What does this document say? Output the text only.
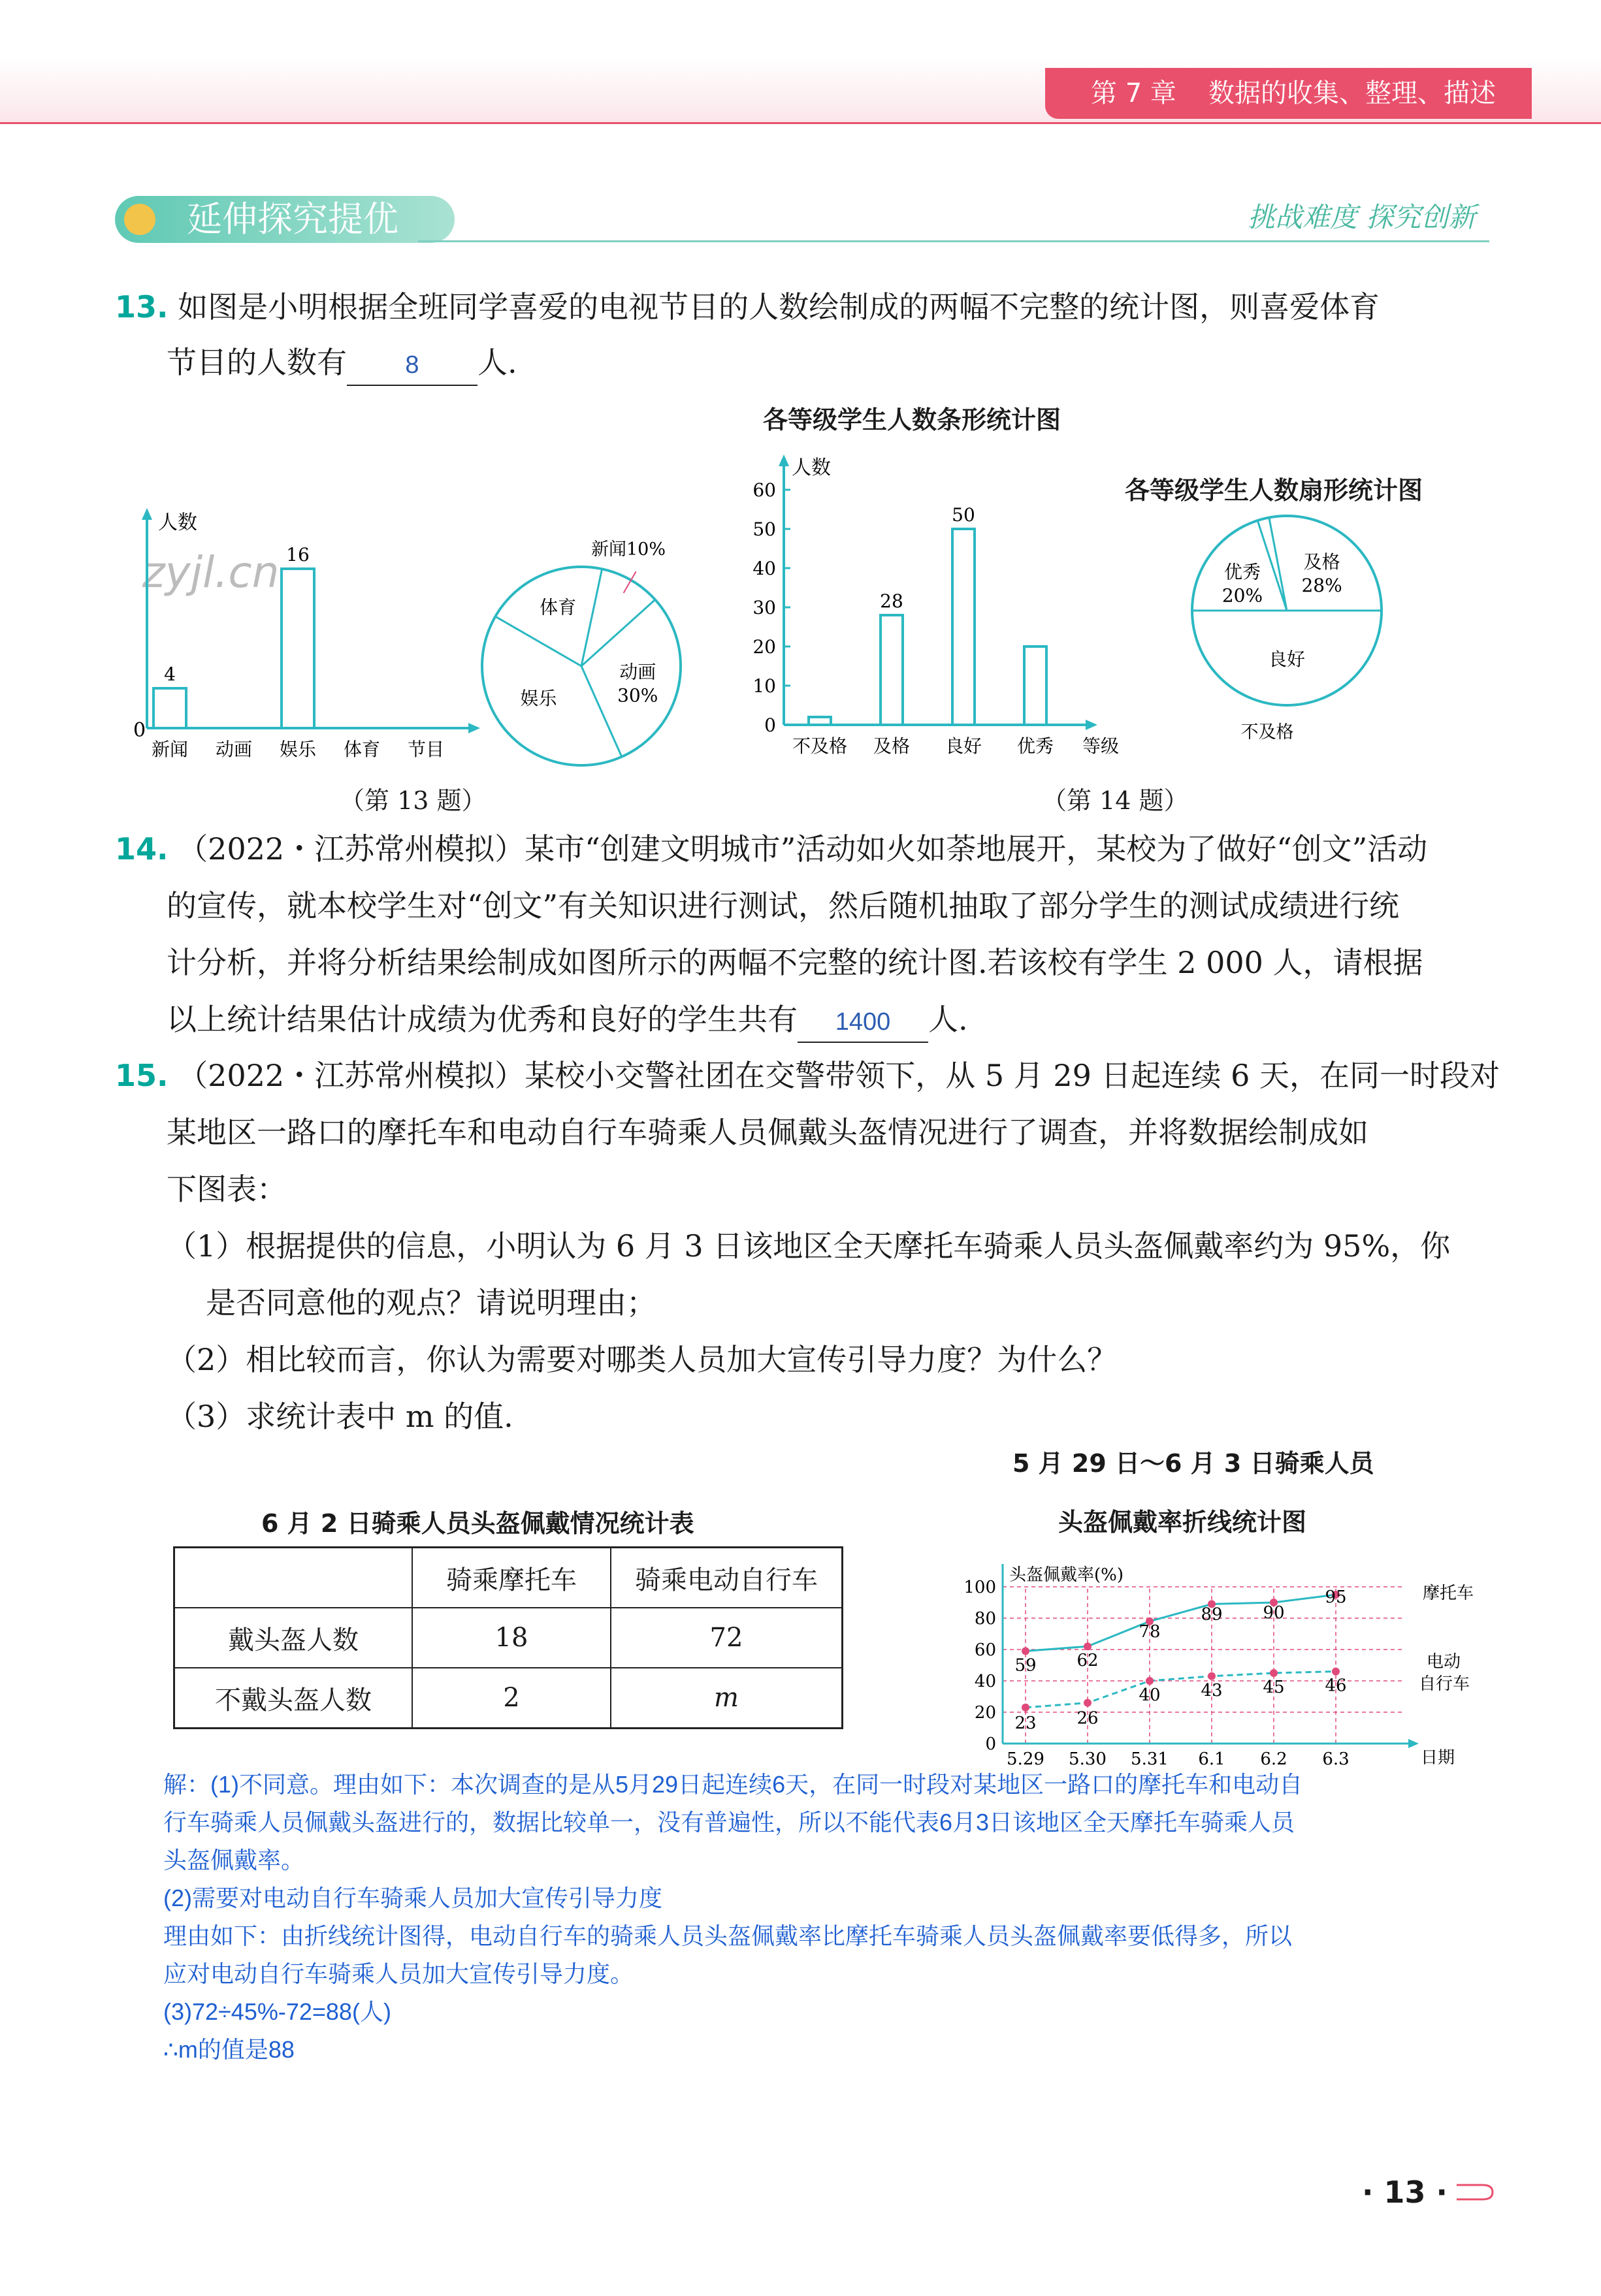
第 7 章 数据的收集、整理、描述
延伸探究提优	挑战难度 探究创新
13. 如图是小明根据全班同学喜爱的电视节目的人数绘制成的两幅不完整的统计图，则喜爱体育
节目的人数有 8 人.
zyjl.cn
人数
0
新闻
4
动画 娱乐
16
体育 节目
新闻10%
动画
30%
娱乐
体育
（第 13 题）
各等级学生人数条形统计图
人数
0
10
20
30
40
50
60
不及格
28
及格
50
良好 优秀 等级
各等级学生人数扇形统计图
良好
优秀
20%
不及格
及格
28%
（第 14 题）
14. （2022・江苏常州模拟）某市“创建文明城市”活动如火如荼地展开，某校为了做好“创文”活动
的宣传，就本校学生对“创文”有关知识进行测试，然后随机抽取了部分学生的测试成绩进行统
计分析，并将分析结果绘制成如图所示的两幅不完整的统计图.若该校有学生 2 000 人，请根据
以上统计结果估计成绩为优秀和良好的学生共有 1400 人.
15. （2022・江苏常州模拟）某校小交警社团在交警带领下，从 5 月 29 日起连续 6 天，在同一时段对
某地区一路口的摩托车和电动自行车骑乘人员佩戴头盔情况进行了调查，并将数据绘制成如
下图表：
（1）根据提供的信息，小明认为 6 月 3 日该地区全天摩托车骑乘人员头盔佩戴率约为 95%，你
是否同意他的观点？请说明理由；
（2）相比较而言，你认为需要对哪类人员加大宣传引导力度？为什么？
（3）求统计表中 m 的值.
6 月 2 日骑乘人员头盔佩戴情况统计表
	骑乘摩托车	骑乘电动自行车
戴头盔人数	18	72
不戴头盔人数	2	m
5 月 29 日～6 月 3 日骑乘人员
头盔佩戴率折线统计图
0
20
40
60
80
100
5.29 5.30 5.31 6.1 6.2 6.3
头盔佩戴率(%)
日期
59 62
78
89 90
95
23 26
40 43 45 46
摩托车
电动
自行车
解：(1)不同意。理由如下：本次调查的是从5月29日起连续6天，在同一时段对某地区一路口的摩托车和电动自
行车骑乘人员佩戴头盔进行的，数据比较单一，没有普遍性，所以不能代表6月3日该地区全天摩托车骑乘人员
头盔佩戴率。
(2)需要对电动自行车骑乘人员加大宣传引导力度
理由如下：由折线统计图得，电动自行车的骑乘人员头盔佩戴率比摩托车骑乘人员头盔佩戴率要低得多，所以
应对电动自行车骑乘人员加大宣传引导力度。
(3)72÷45%-72=88(人)
∴m的值是88
· 13 ·
